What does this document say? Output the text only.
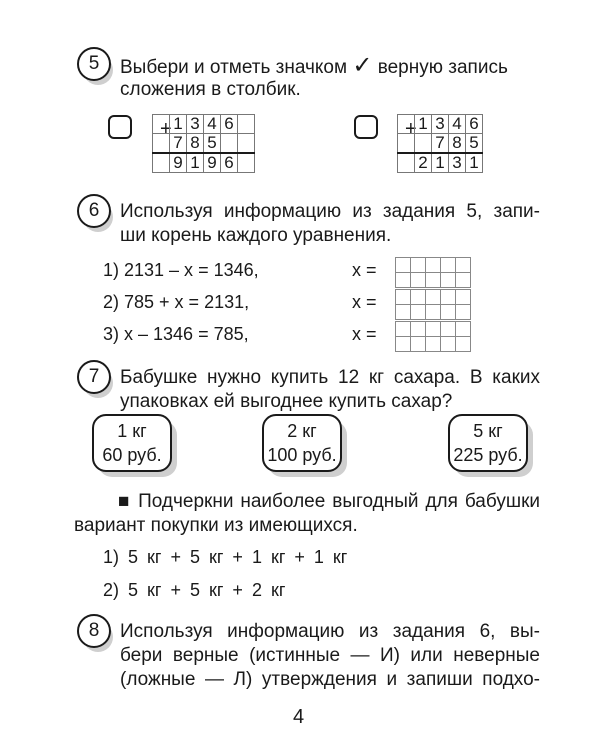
5	Выбери и отметь значком ✓ верную запись
сложения в столбик.
+
	1	3	4	6	
	7	8	5		
	9	1	9	6	
+
	1	3	4	6
		7	8	5
	2	1	3	1
6	Используя информацию из задания 5, запи-
ши корень каждого уравнения.
1) 2131 – x = 1346,	x =

2) 785 + x = 2131,	x =

3) x – 1346 = 785,	x =

7	Бабушке нужно купить 12 кг сахара. В каких
упаковках ей выгоднее купить сахар?
1 кг
60 руб.
2 кг
100 руб.
5 кг
225 руб.
■ Подчеркни наиболее выгодный для бабушки
вариант покупки из имеющихся.
1) 5 кг + 5 кг + 1 кг + 1 кг
2) 5 кг + 5 кг + 2 кг
8	Используя информацию из задания 6, вы-
бери верные (истинные — И) или неверные
(ложные — Л) утверждения и запиши подхо-
4
